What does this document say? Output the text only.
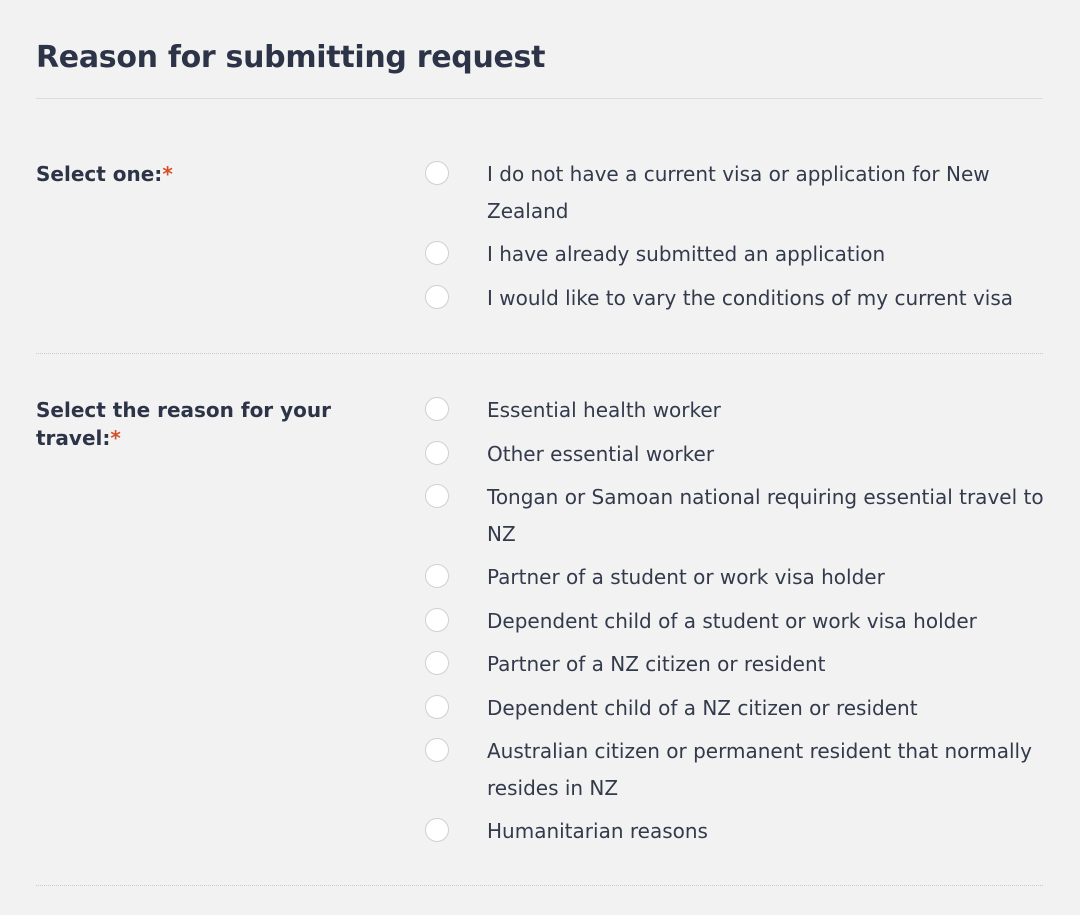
Reason for submitting request
Select one:*	I do not have a current visa or application for New Zealand
I have already submitted an application
I would like to vary the conditions of my current visa
Select the reason for your travel:*
Essential health worker
Other essential worker
Tongan or Samoan national requiring essential travel to NZ
Partner of a student or work visa holder
Dependent child of a student or work visa holder
Partner of a NZ citizen or resident
Dependent child of a NZ citizen or resident
Australian citizen or permanent resident that normally resides in NZ
Humanitarian reasons
